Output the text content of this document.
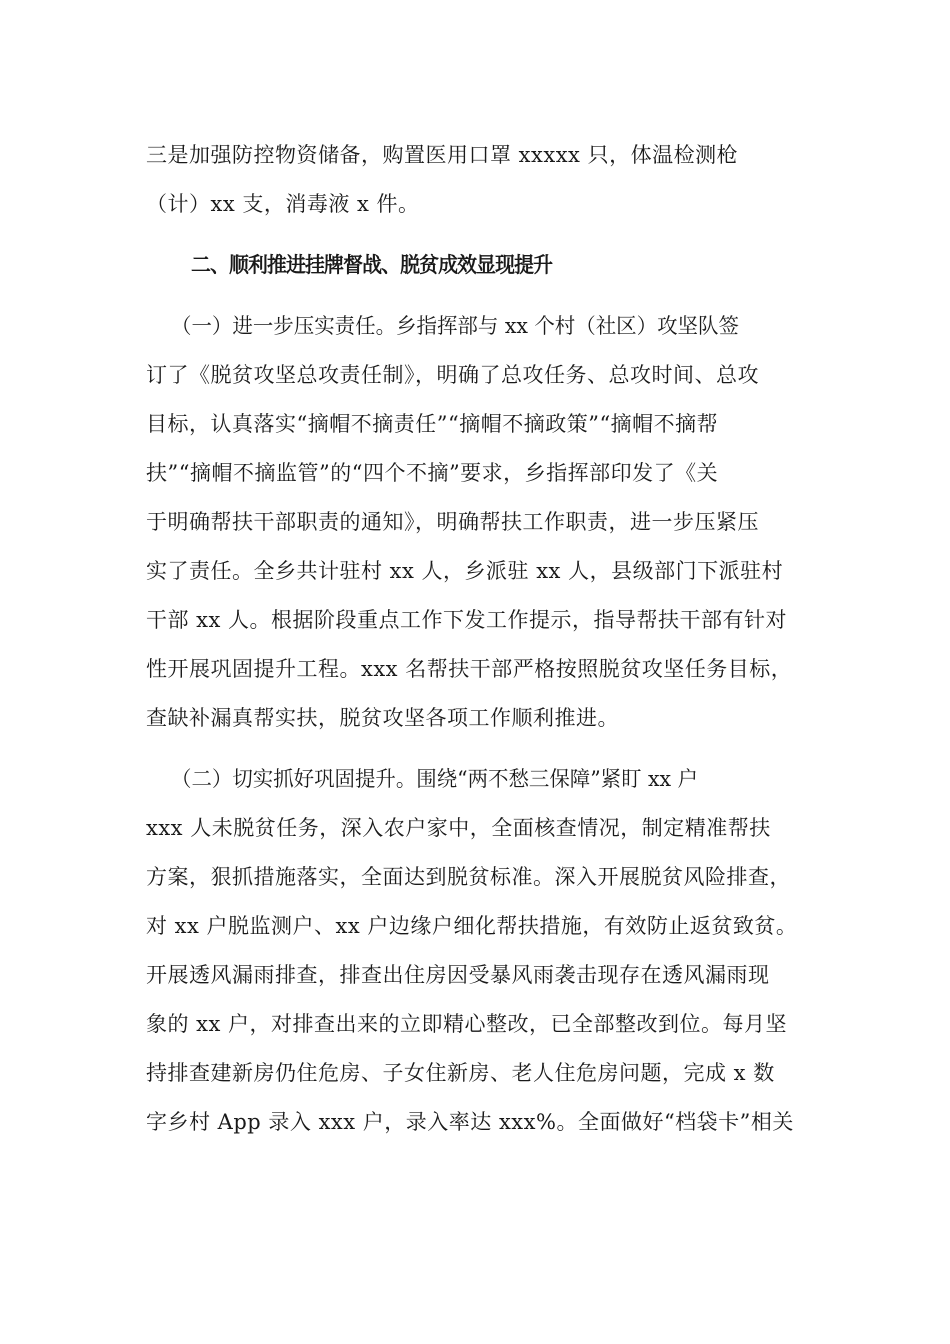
三是加强防控物资储备，购置医用口罩 xxxxx 只，体温检测枪
（计）xx 支，消毒液 x 件。
二、顺利推进挂牌督战、脱贫成效显现提升
（一）进一步压实责任。乡指挥部与 xx 个村（社区）攻坚队签
订了《脱贫攻坚总攻责任制》，明确了总攻任务、总攻时间、总攻
目标，认真落实“摘帽不摘责任”“摘帽不摘政策”“摘帽不摘帮
扶”“摘帽不摘监管”的“四个不摘”要求，乡指挥部印发了《关
于明确帮扶干部职责的通知》，明确帮扶工作职责，进一步压紧压
实了责任。全乡共计驻村 xx 人，乡派驻 xx 人，县级部门下派驻村
干部 xx 人。根据阶段重点工作下发工作提示，指导帮扶干部有针对
性开展巩固提升工程。xxx 名帮扶干部严格按照脱贫攻坚任务目标，
查缺补漏真帮实扶，脱贫攻坚各项工作顺利推进。
（二）切实抓好巩固提升。围绕“两不愁三保障”紧盯 xx 户
xxx 人未脱贫任务，深入农户家中，全面核查情况，制定精准帮扶
方案，狠抓措施落实，全面达到脱贫标准。深入开展脱贫风险排查，
对 xx 户脱监测户、xx 户边缘户细化帮扶措施，有效防止返贫致贫。
开展透风漏雨排查，排查出住房因受暴风雨袭击现存在透风漏雨现
象的 xx 户，对排查出来的立即精心整改，已全部整改到位。每月坚
持排查建新房仍住危房、子女住新房、老人住危房问题，完成 x 数
字乡村 App 录入 xxx 户，录入率达 xxx%。全面做好“档袋卡”相关
